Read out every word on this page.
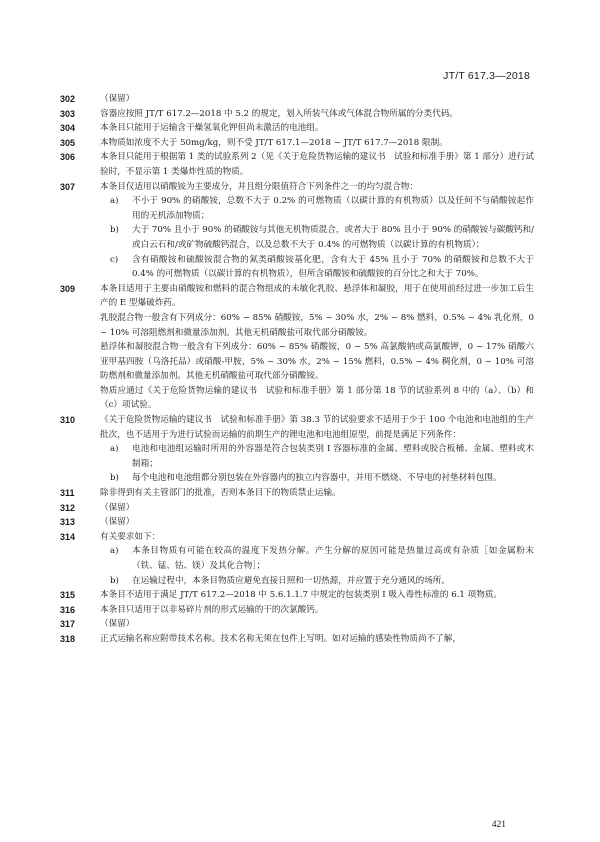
JT/T 617.3—2018
302	（保留）
303	容器应按照 JT/T 617.2—2018 中 5.2 的规定，划入所装气体或气体混合物所属的分类代码。
304	本条目只能用于运输含干燥氢氧化钾但尚未激活的电池组。
305	本物质如浓度不大于 50mg/kg，则不受 JT/T 617.1—2018 ~ JT/T 617.7—2018 限制。
306	本条目只能用于根据第 1 类的试验系列 2（见《关于危险货物运输的建议书　试验和标准手册》第 1 部分）进行试验时，不显示第 1 类爆炸性质的物质。
307	本条目仅适用以硝酸铵为主要成分，并且组分限值符合下列条件之一的均匀混合物：
a) 不小于 90% 的硝酸铵，总数不大于 0.2% 的可燃物质（以碳计算的有机物质）以及任何不与硝酸铵起作用的无机添加物质；
b) 大于 70% 且小于 90% 的硝酸铵与其他无机物质混合，或者大于 80% 且小于 90% 的硝酸铵与碳酸钙和/或白云石和/或矿物硫酸钙混合，以及总数不大于 0.4% 的可燃物质（以碳计算的有机物质）；
c) 含有硝酸铵和硫酸铵混合物的氮类硝酸铵基化肥，含有大于 45% 且小于 70% 的硝酸铵和总数不大于 0.4% 的可燃物质（以碳计算的有机物质），但所含硝酸铵和硫酸铵的百分比之和大于 70%。
309	本条目适用于主要由硝酸铵和燃料的混合物组成的未敏化乳胶、悬浮体和凝胶，用于在使用前经过进一步加工后生产的 E 型爆破炸药。
乳胶混合物一般含有下列成分：60% ~ 85% 硝酸铵，5% ~ 30% 水，2% ~ 8% 燃料，0.5% ~ 4% 乳化剂，0 ~ 10% 可溶阻燃剂和微量添加剂。其他无机硝酸盐可取代部分硝酸铵。
悬浮体和凝胶混合物一般含有下列成分：60% ~ 85% 硝酸铵，0 ~ 5% 高氯酸钠或高氯酸钾，0 ~ 17% 硝酸六亚甲基四胺（乌洛托品）或硝酸-甲胺，5% ~ 30% 水，2% ~ 15% 燃料，0.5% ~ 4% 稠化剂，0 ~ 10% 可溶防燃剂和微量添加剂。其他无机硝酸盐可取代部分硝酸铵。
物质应通过《关于危险货物运输的建议书　试验和标准手册》第 1 部分第 18 节的试验系列 8 中的（a）、（b）和（c）项试验。
310	《关于危险货物运输的建议书　试验和标准手册》第 38.3 节的试验要求不适用于少于 100 个电池和电池组的生产批次，也不适用于为进行试验而运输的前期生产的锂电池和电池组原型，前提是满足下列条件：
a) 电池和电池组运输时所用的外容器是符合包装类别 I 容器标准的金属、塑料或胶合板桶、金属、塑料或木制箱；
b) 每个电池和电池组都分别包装在外容器内的独立内容器中，并用不燃烧、不导电的衬垫材料包围。
311	除非得到有关主管部门的批准，否则本条目下的物质禁止运输。
312	（保留）
313	（保留）
314	有关要求如下：
a) 本条目物质有可能在较高的温度下发热分解。产生分解的原因可能是热量过高或有杂质［如金属粉末（铁、锰、钴、镁）及其化合物］；
b) 在运输过程中，本条目物质应避免直接日照和一切热源，并应置于充分通风的场所。
315	本条目不适用于满足 JT/T 617.2—2018 中 5.6.1.1.7 中规定的包装类别 I 吸入毒性标准的 6.1 项物质。
316	本条目只适用于以非易碎片剂的形式运输的干的次氯酸钙。
317	（保留）
318	正式运输名称应附带技术名称。技术名称无须在包件上写明。如对运输的感染性物质尚不了解，
421
